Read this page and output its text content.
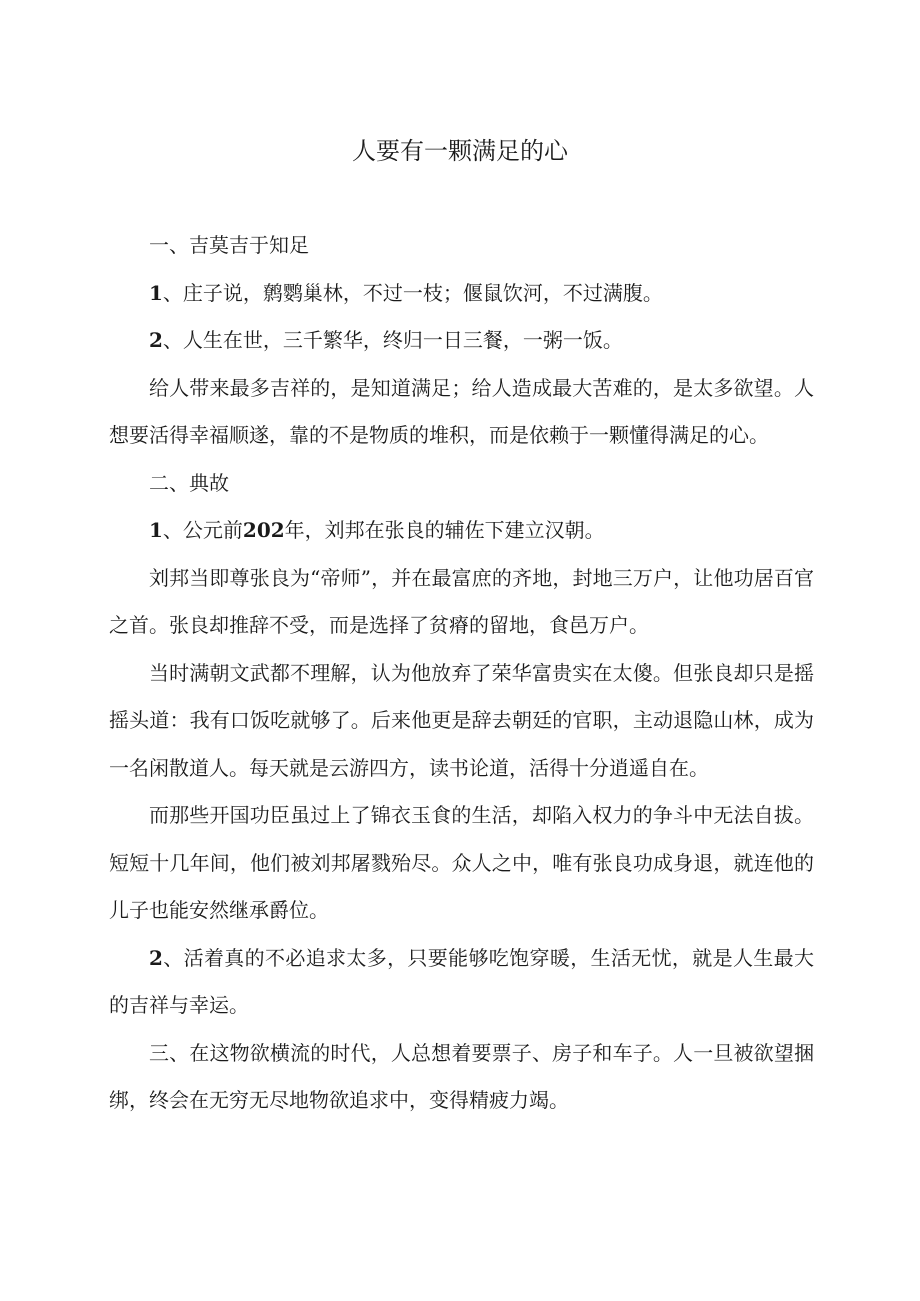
人要有一颗满足的心

一、吉莫吉于知足

1、庄子说，鹩鹦巢林，不过一枝；偃鼠饮河，不过满腹。

2、人生在世，三千繁华，终归一日三餐，一粥一饭。

给人带来最多吉祥的，是知道满足；给人造成最大苦难的，是太多欲望。人想要活得幸福顺遂，靠的不是物质的堆积，而是依赖于一颗懂得满足的心。

二、典故

1、公元前202年，刘邦在张良的辅佐下建立汉朝。

刘邦当即尊张良为“帝师”，并在最富庶的齐地，封地三万户，让他功居百官之首。张良却推辞不受，而是选择了贫瘠的留地，食邑万户。

当时满朝文武都不理解，认为他放弃了荣华富贵实在太傻。但张良却只是摇摇头道：我有口饭吃就够了。后来他更是辞去朝廷的官职，主动退隐山林，成为一名闲散道人。每天就是云游四方，读书论道，活得十分逍遥自在。

而那些开国功臣虽过上了锦衣玉食的生活，却陷入权力的争斗中无法自拔。短短十几年间，他们被刘邦屠戮殆尽。众人之中，唯有张良功成身退，就连他的儿子也能安然继承爵位。

2、活着真的不必追求太多，只要能够吃饱穿暖，生活无忧，就是人生最大的吉祥与幸运。

三、在这物欲横流的时代，人总想着要票子、房子和车子。人一旦被欲望捆绑，终会在无穷无尽地物欲追求中，变得精疲力竭。
